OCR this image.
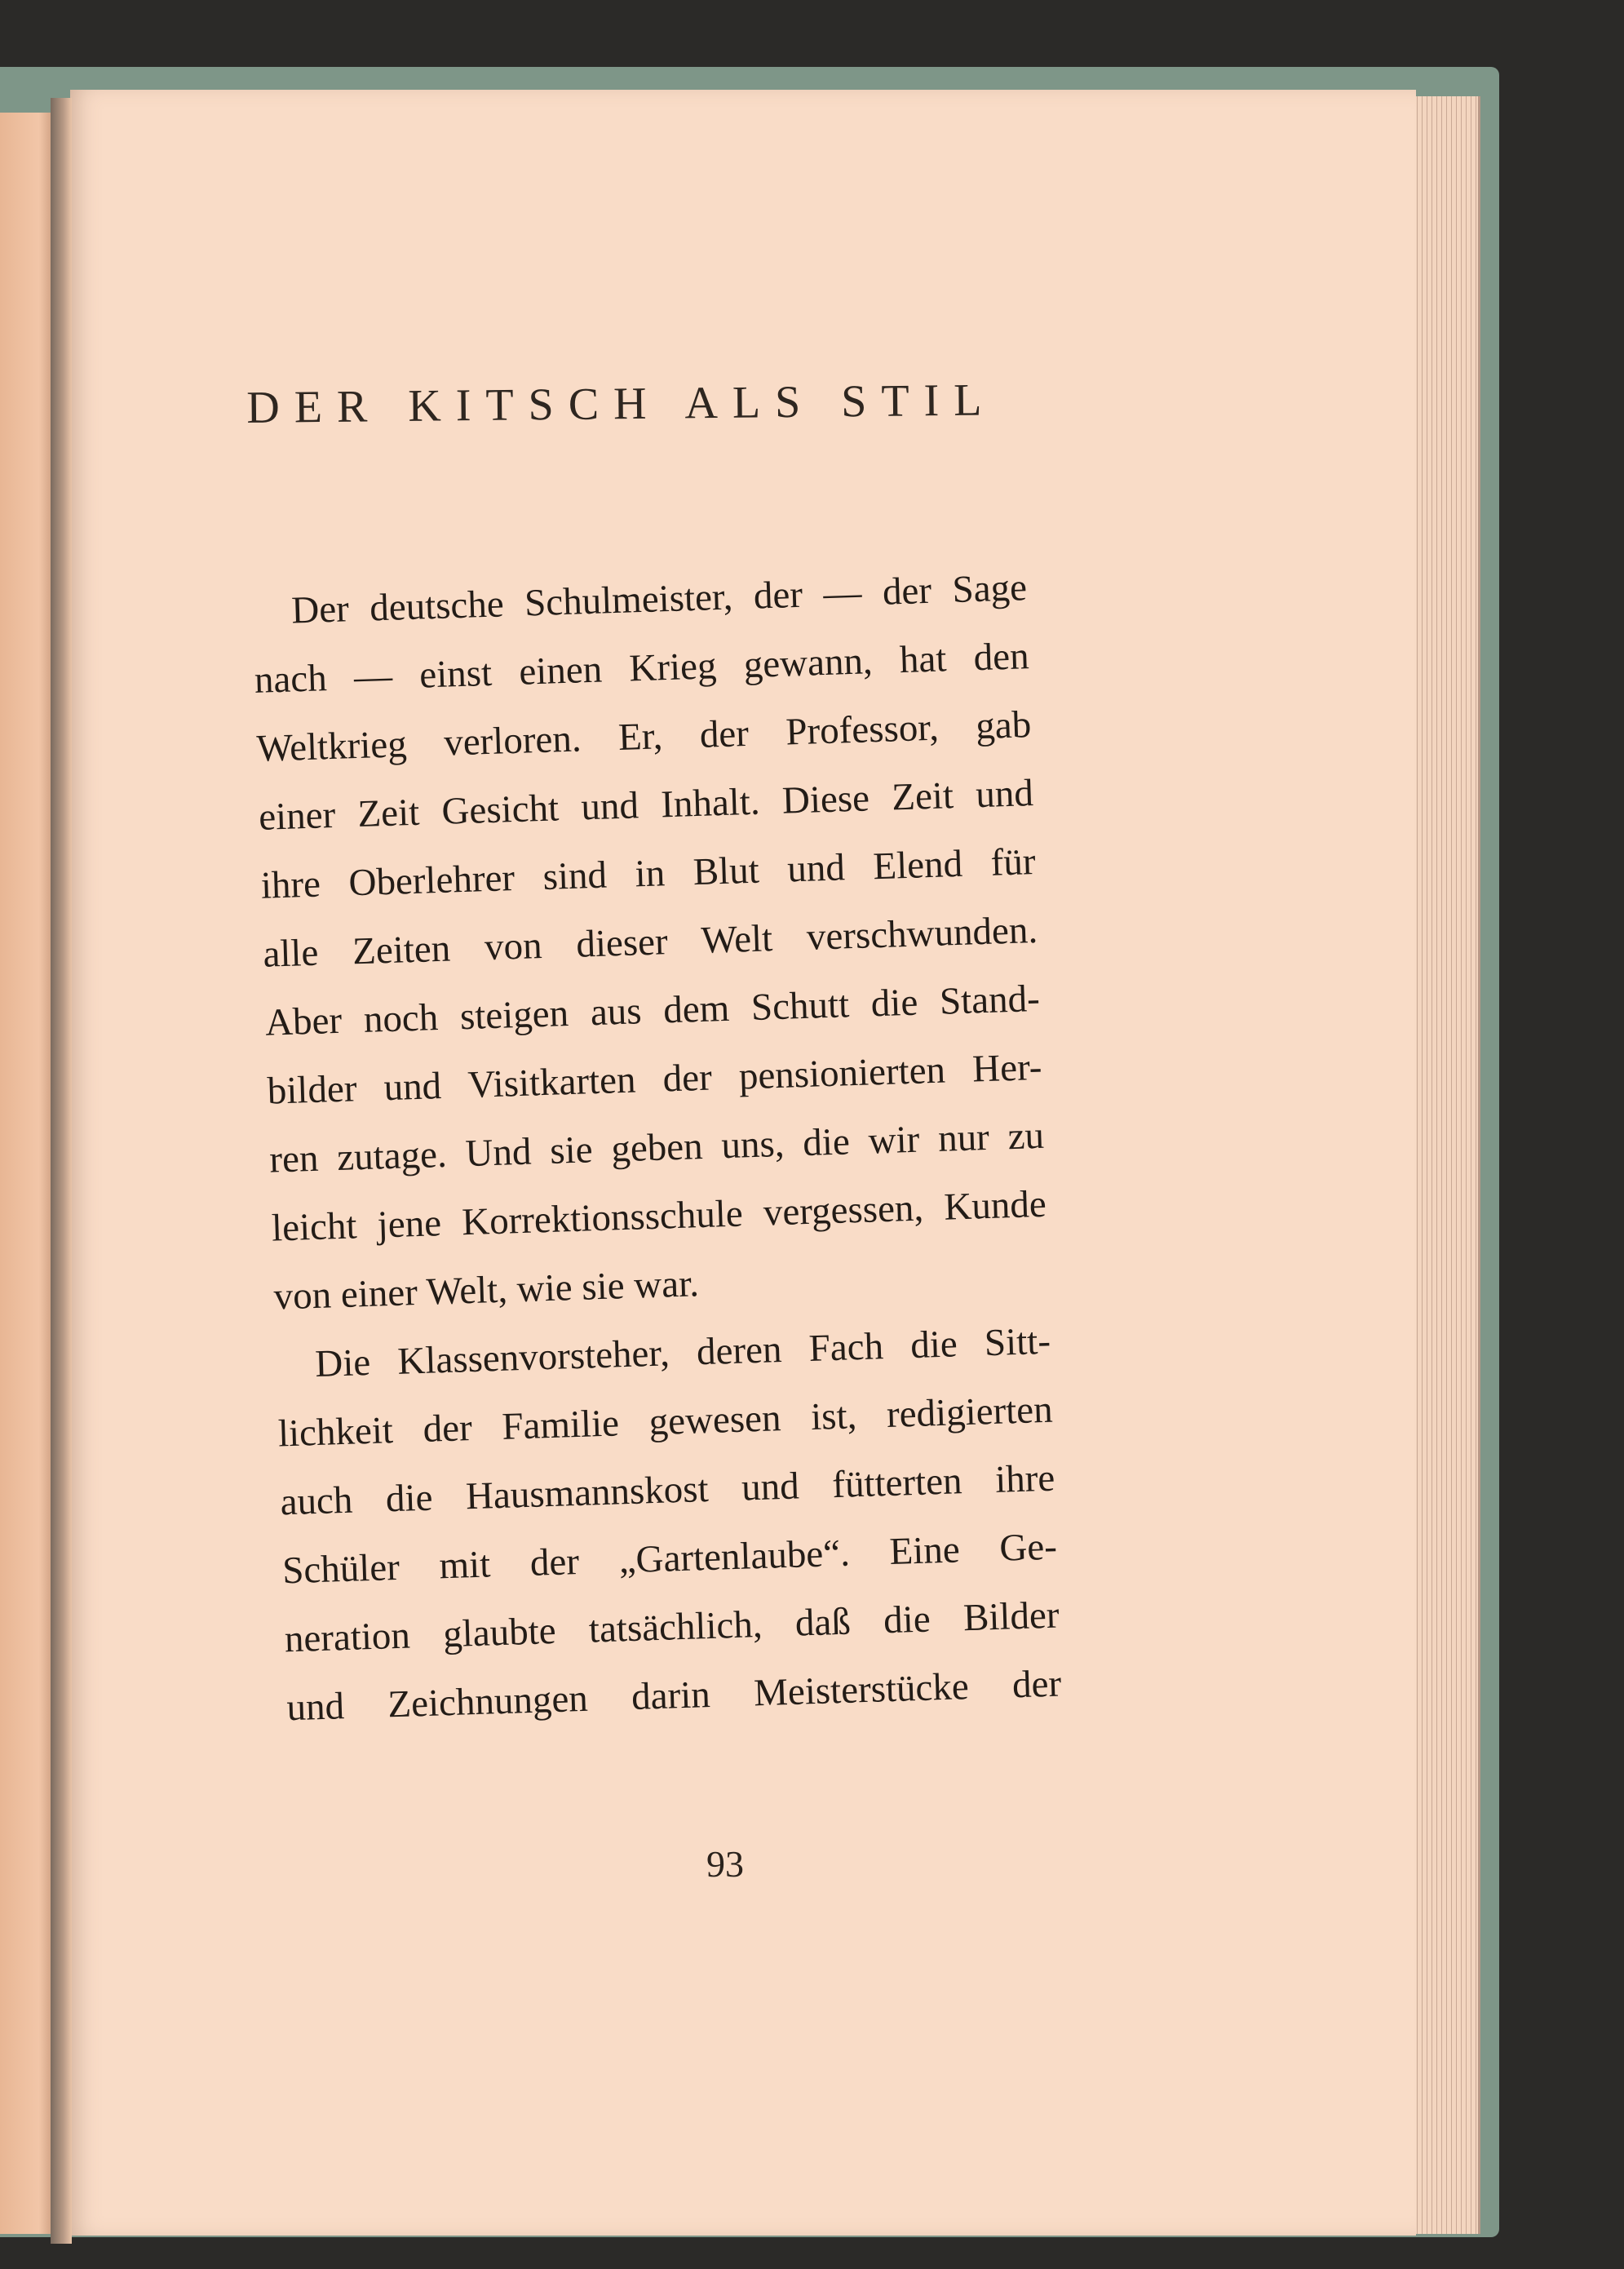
DER KITSCH ALS STIL
Der deutsche Schulmeister, der — der Sage
nach — einst einen Krieg gewann, hat den
Weltkrieg verloren. Er, der Professor, gab
einer Zeit Gesicht und Inhalt. Diese Zeit und
ihre Oberlehrer sind in Blut und Elend für
alle Zeiten von dieser Welt verschwunden.
Aber noch steigen aus dem Schutt die Stand-
bilder und Visitkarten der pensionierten Her-
ren zutage. Und sie geben uns, die wir nur zu
leicht jene Korrektionsschule vergessen, Kunde
von einer Welt, wie sie war.
Die Klassenvorsteher, deren Fach die Sitt-
lichkeit der Familie gewesen ist, redigierten
auch die Hausmannskost und fütterten ihre
Schüler mit der „Gartenlaube“. Eine Ge-
neration glaubte tatsächlich, daß die Bilder
und Zeichnungen darin Meisterstücke der
93
